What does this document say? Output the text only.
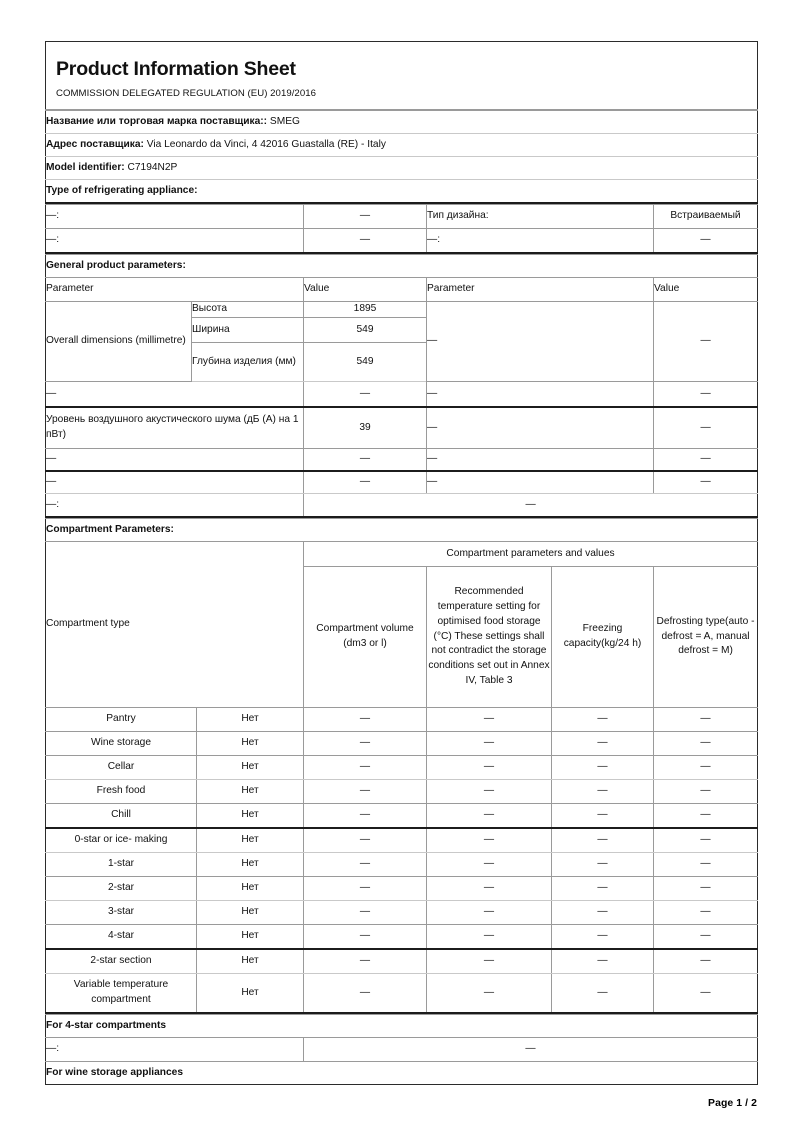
Product Information Sheet
COMMISSION DELEGATED REGULATION (EU) 2019/2016
Название или торговая марка поставщика:: SMEG
Адрес поставщика: Via Leonardo da Vinci, 4 42016 Guastalla (RE) - Italy
Model identifier: C7194N2P
Type of refrigerating appliance:
—:	—	Тип дизайна:	Встраиваемый
—:	—	—:	—
General product parameters:				
Parameter		Value	Parameter	Value
Overall dimensions (millimetre)	Высота	1895	—	—
	Ширина	549		
	Глубина изделия (мм)	549		
—		—	—	—
Уровень воздушного акустического шума (дБ (A) на 1 пВт)		39	—	—
—		—	—	—
—		—	—	—
—:		—		
Compartment Parameters:					
Compartment type		Compartment parameters and values			
		Compartment volume (dm3 or l)	Recommended temperature setting for optimised food storage (°C) These settings shall not contradict the storage conditions set out in Annex IV, Table 3	Freezing capacity(kg/24 h)	Defrosting type(auto - defrost = A, manual defrost = M)
Pantry	Нет	—	—	—	—
Wine storage	Нет	—	—	—	—
Cellar	Нет	—	—	—	—
Fresh food	Нет	—	—	—	—
Chill	Нет	—	—	—	—
0-star or ice- making	Нет	—	—	—	—
1-star	Нет	—	—	—	—
2-star	Нет	—	—	—	—
3-star	Нет	—	—	—	—
4-star	Нет	—	—	—	—
2-star section	Нет	—	—	—	—
Variable temperature compartment	Нет	—	—	—	—
For 4-star compartments
—:	—
For wine storage appliances
Page 1 / 2
